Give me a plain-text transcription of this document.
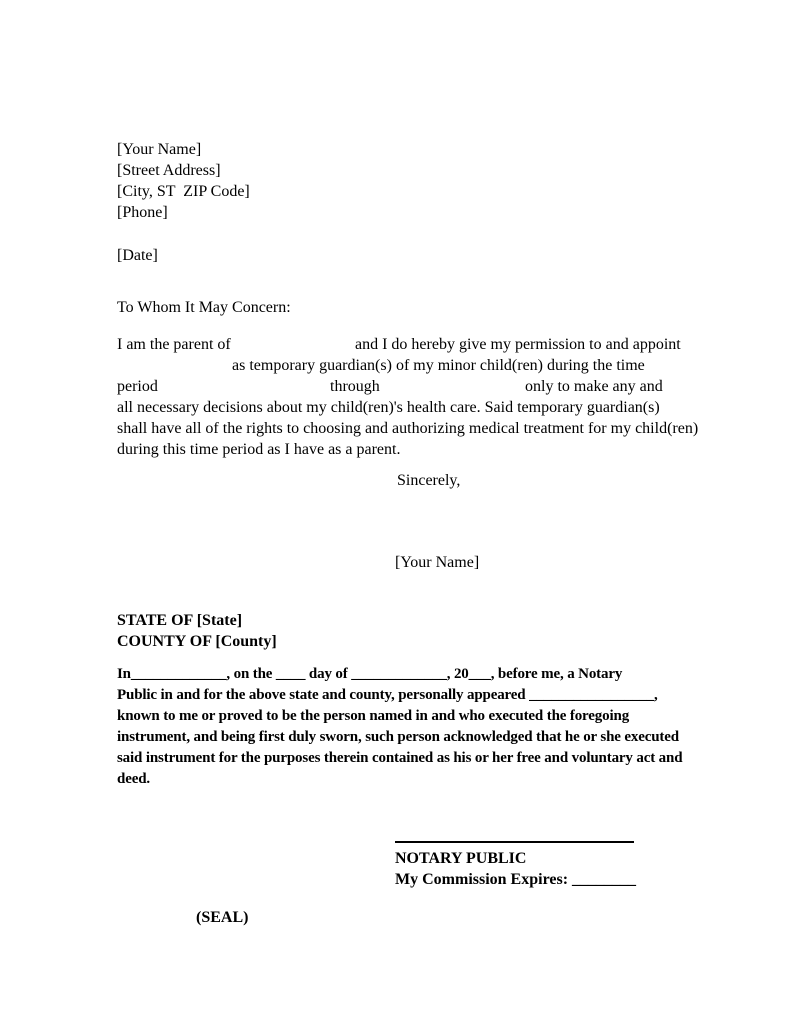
[Your Name]
[Street Address]
[City, ST  ZIP Code]
[Phone]
[Date]
To Whom It May Concern:
I am the parent of	and I do hereby give my permission to and appoint
as temporary guardian(s) of my minor child(ren) during the time
period	through	only to make any and
all necessary decisions about my child(ren)'s health care. Said temporary guardian(s)
shall have all of the rights to choosing and authorizing medical treatment for my child(ren)
during this time period as I have as a parent.
Sincerely,
[Your Name]
STATE OF [State]
COUNTY OF [County]
In_____________, on the ____ day of _____________, 20___, before me, a Notary
Public in and for the above state and county, personally appeared _________________,
known to me or proved to be the person named in and who executed the foregoing
instrument, and being first duly sworn, such person acknowledged that he or she executed
said instrument for the purposes therein contained as his or her free and voluntary act and
deed.
NOTARY PUBLIC
My Commission Expires: ________
(SEAL)
